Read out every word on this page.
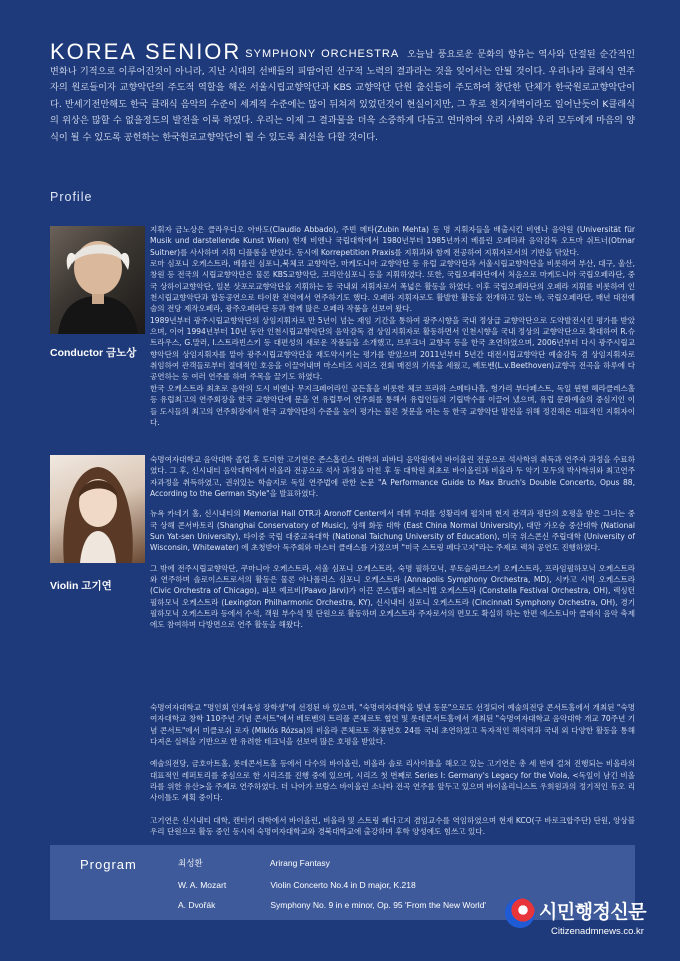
KOREA SENIOR SYMPHONY ORCHESTRA 오늘날 풍요로운 문화의 향유는 역사와 단절된 순간적인 변화나 기적으로 이루어진것이 아니라, 지난 시대의 선배들의 피땀어린 선구적 노력의 결과라는 것을 잊어서는 안될 것이다. 우리나라 클래식 연주자의 원로들이자 교향악단의 주도적 역할을 해온 서울시립교향악단과 KBS 교향악단 단원 출신들이 주도하여 창단한 단체가 한국원로교향악단이다. 반세기전만해도 한국 클래식 음악의 수준이 세계적 수준에는 많이 뒤쳐져 있었던것이 현실이지만, 그 후로 천지개벽이라도 일어난듯이 K클래식의 위상은 많할 수 없을정도의 발전을 이룩 하였다. 우리는 이제 그 결과물을 더욱 소중하게 다듬고 연마하여 우리 사회와 우리 모두에게 마음의 양식이 될 수 있도록 공헌하는 한국원로교향악단이 될 수 있도록 최선을 다할 것이다.
Profile
Conductor 금노상

지휘자 금노상은 클라우디오 아바도(Claudio Abbado), 주빈 메타(Zubin Mehta) 등 명 지휘자들을 배출시킨 비엔나 음악원 (Universität für Musik und darstellende Kunst Wien) 현재 비엔나 국립대학에서 1980년부터 1985년까지 베를린 오페라좌 음악감독 오트마 쉬트너(Otmar Suitner)를 사사하며 지휘 디플롬을 받았다. 동시에 Korrepetition Praxis를 지휘과와 함께 전공하여 지휘자로서의 기반을 닦았다.

로마 심포니 오케스트라, 베를린 심포니,북체코 교향악단, 마케도니아 교향악단 등 유럽 교향악단과 서울시립교향악단을 비롯하여 부산, 대구, 울산, 창원 등 전국의 시립교향악단은 물론 KBS교향악단, 코리안심포니 등을 지휘하였다. 또한, 국립오페라단에서 처음으로 마케도니아 국립오페라단, 중국 상하이교향악단, 일본 삿포로교향악단을 지휘하는 등 국내외 지휘자로서 폭넓은 활동을 하였다. 이후 국립오페라단의 오페라 지휘를 비롯하여 인천시립교향악단과 합동공연으로 타이완 전역에서 연주하기도 했다. 오페라 지휘자로도 활발한 활동을 전개하고 있는 바, 국립오페라단, 매년 대전예술의 전당 제작오페라, 광주오페라단 등과 함께 많은 오페라 작품을 선보여 왔다.

1989년부터 광주시립교향악단의 상임지휘자로 만 5년이 넘는 재임 기간을 통하여 광주시향을 국내 정상급 교향악단으로 도약발전시킨 평가를 받았으며, 이어 1994년부터 10년 동안 인천시립교향악단의 음악감독 겸 상임지휘자로 활동하면서 인천시향을 국내 정상의 교향악단으로 확대하여 R.슈트라우스, G.말러, I.스트라빈스키 등 대편성의 새로운 작품들을 소개했고, 브루크너 교향곡 등을 한국 초연하였으며, 2006년부터 다시 광주시립교향악단의 상임지휘자를 맡아 광주시립교향악단을 재도약시키는 평가를 받았으며 2011년부터 5년간 대전시립교향악단 예술감독 겸 상임지휘자로 취임하여 관객들로부터 절대적인 호응을 이끌어내며 마스터즈 시리즈 전회 매진의 기록을 세웠고, 베토벤(L.v.Beethoven)교향곡 전곡을 하루에 다 공연하는 등 여러 연주를 하며 주목을 끌기도 하였다.

한국 오케스트라 최초로 음악의 도시 비엔나 무지크페어라인 골든홀을 비롯한 체코 프라하 스메타나홀, 헝가리 부다페스트, 독일 뮌헨 헤라클레스홀 등 유럽최고의 연주회장을 한국 교향악단에 문을 연 유럽투어 연주회를 통해서 유럽인들의 기립박수를 이끌어 냈으며, 유럽 문화예술의 중심지인 이들 도시들의 최고의 연주회장에서 한국 교향악단의 수준을 높이 평가는 물론 첫문을 여는 등 한국 교향악단 발전을 위해 정진해온 대표적인 지휘자이다.

Violin 고기연

숙명여자대학교 음악대학 졸업 후 도미한 고기연은 존스홉킨스 대학의 피바디 음악원에서 바이올린 전공으로 석사학위 취득과 연주자 과정을 수료하였다. 그 후, 신시내티 음악대학에서 비올라 전공으로 석사 과정을 마친 후 동 대학원 최초로 바이올린과 비올라 두 악기 모두의 박사학위와 최고연주자과정을 취득하였고, 권위있는 학술지로 독일 연주법에 관한 논문 "A Performance Guide to Max Bruch's Double Concerto, Opus 88, According to the German Style"을 발표하였다.

뉴욕 카네기 홀, 신시내티의 Memorial Hall OTR과 Aronoff Center에서 데뷔 무대를 성황리에 펼치며 현지 관객과 평단의 호평을 받은 그녀는 중국 상해 콘서바토리 (Shanghai Conservatory of Music), 상해 화동 대학 (East China Normal University), 대만 가오슝 중산대학 (National Sun Yat-sen University), 타이중 국립 대중교육대학 (National Taichung University of Education), 미국 위스콘신 주립대학 (University of Wisconsin, Whitewater) 에 초청받아 독주회와 마스터 클래스를 가졌으며 "미국 스트링 페다고지"라는 주제로 렉쳐 공연도 진행하였다.

그 밖에 전주시립교향악단, 쿠마니아 오케스트라, 서울 심포니 오케스트라, 숙명 필하모닉, 루토슬라브스키 오케스트라, 프라임필하모닉 오케스트라와 연주하며 솔로이스트로서의 활동은 물론 아나폴리스 심포니 오케스트라 (Annapolis Symphony Orchestra, MD), 시카고 시빅 오케스트라 (Civic Orchestra of Chicago), 파보 예르비(Paavo Järvi)가 이끈 콘스텔라 페스티벌 오케스트라 (Constella Festival Orchestra, OH), 렉싱턴 필하모닉 오케스트라 (Lexington Philharmonic Orchestra, KY), 신시내티 심포니 오케스트라 (Cincinnati Symphony Orchestra, OH), 경기필하모닉 오케스트라 등에서 수석, 객원 부수석 및 단원으로 활동하며 오케스트라 주자로서의 면모도 확실히 하는 한편 에스토니아 클래식 음악 축제에도 참여하며 다방면으로 연주 활동을 해왔다.

숙명여자대학교 "명인회 인재육성 장학생"에 선정된 바 있으며, "숙명여자대학을 빛낸 동문"으로도 선정되어 예술의전당 콘서트홀에서 개최된 "숙명여자대학교 창학 110주년 기념 콘서트"에서 베토벤의 트리플 콘체르토 협연 및 롯데콘서트홀에서 개최된 "숙명여자대학교 음악대학 개교 70주년 기념 콘서트"에서 미클로쉬 로자 (Miklós Rózsa)의 비올라 콘체르토 작품번호 24를 국내 초연하였고 독자적인 해석력과 국내 외 다양한 활동을 통해 다져온 실력을 기반으로 한 유려한 테크닉을 선보여 많은 호평을 받았다.

예술의전당, 금호아트홀, 롯데콘서트홀 등에서 다수의 바이올린, 비올라 솔로 리사이틀을 해오고 있는 고기연은 총 세 번에 걸쳐 진행되는 비올라의 대표적인 레퍼토리를 중심으로 한 시리즈를 진행 중에 있으며, 시리즈 첫 번째로 Series I: Germany's Legacy for the Viola, <독일이 남긴 비올라를 위한 유산>을 주제로 연주하였다. 더 나아가 브람스 바이올린 소나타 전곡 연주를 앞두고 있으며 바이올리니스트 우희원과의 정기적인 듀오 리사이틀도 계획 중이다.

고기연은 신시내티 대학, 캔터키 대학에서 바이올린, 비올라 및 스트링 페다고지 겸임교수를 역임하였으며 현재 KCO(구 바로크합주단) 단원, 앙상블 우리 단원으로 활동 중인 동시에 숙명여자대학교와 경북대학교에 출강하며 후학 양성에도 힘쓰고 있다.

Program	최성환	Arirang Fantasy
W. A. Mozart	Violin Concerto No.4 in D major, K.218
A. Dvořák	Symphony No. 9 in e minor, Op. 95 'From the New World'	시민행정신문
Citizenadmnews.co.kr
